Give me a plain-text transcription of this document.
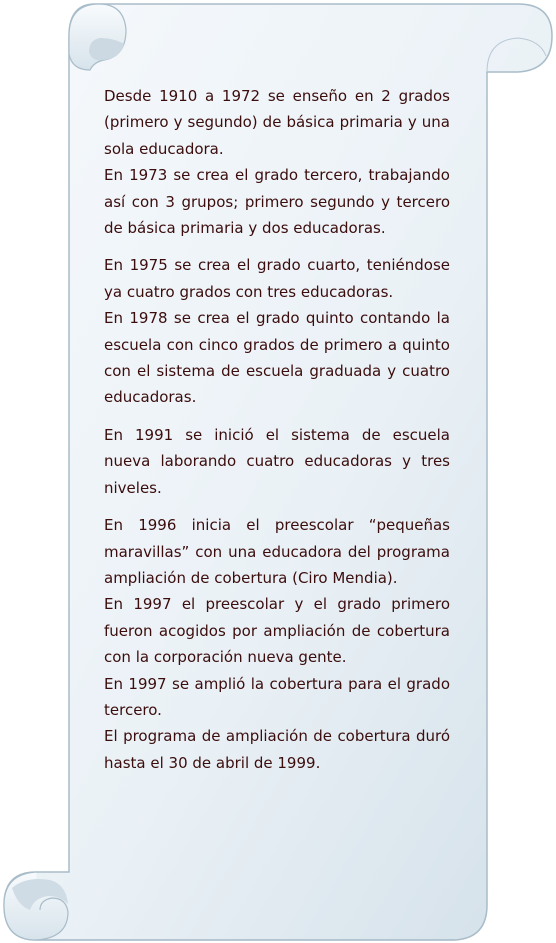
Desde 1910 a 1972 se enseño en 2 grados (primero y segundo) de básica primaria y una sola educadora.

En 1973 se crea el grado tercero, trabajando así con 3 grupos; primero segundo y tercero de básica primaria y dos educadoras.

En 1975 se crea el grado cuarto, teniéndose ya cuatro grados con tres educadoras.

En 1978 se crea el grado quinto contando la escuela con cinco grados de primero a quinto con el sistema de escuela graduada y cuatro educadoras.

En 1991 se inició el sistema de escuela nueva laborando cuatro educadoras y tres niveles.

En 1996 inicia el preescolar “pequeñas maravillas” con una educadora del programa ampliación de cobertura (Ciro Mendia).

En 1997 el preescolar y el grado primero fueron acogidos por ampliación de cobertura con la corporación nueva gente.

En 1997 se amplió la cobertura para el grado tercero.

El programa de ampliación de cobertura duró hasta el 30 de abril de 1999.
